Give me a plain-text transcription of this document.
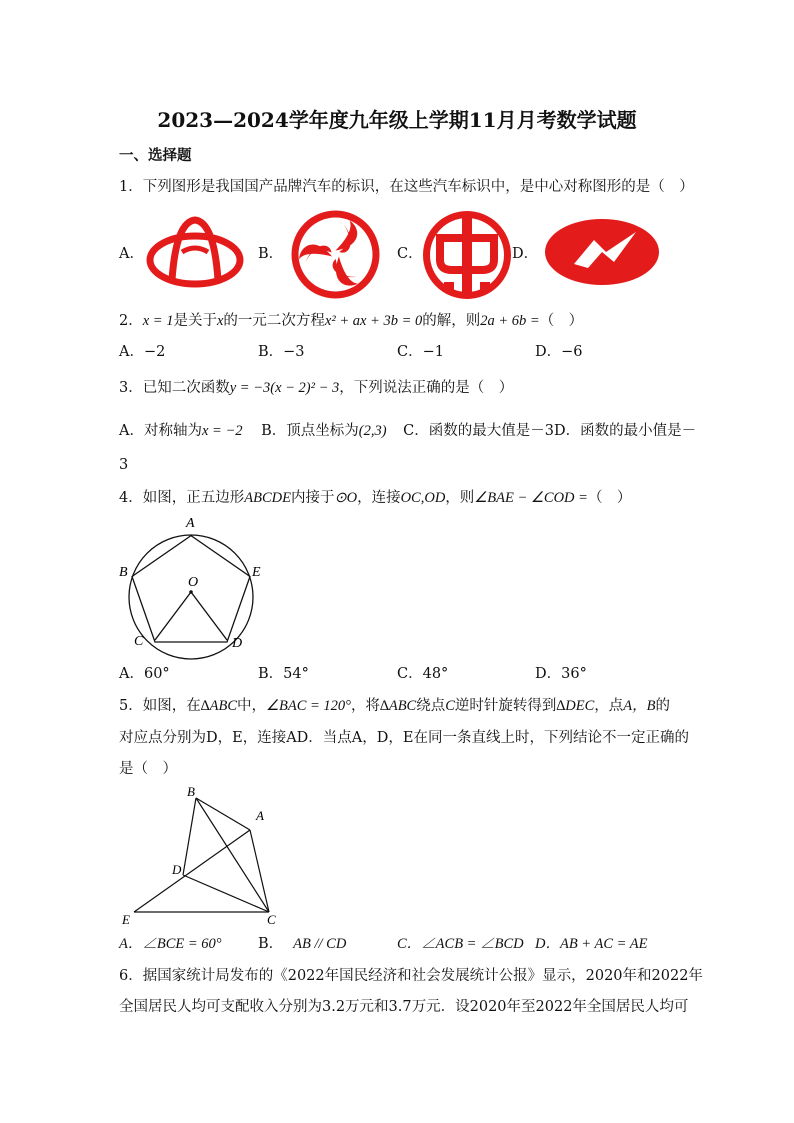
2023—2024学年度九年级上学期11月月考数学试题
一、选择题
1．下列图形是我国国产品牌汽车的标识，在这些汽车标识中，是中心对称图形的是（　）
A．	B．	C．	D．
2．x = 1是关于x的一元二次方程x² + ax + 3b = 0的解，则2a + 6b =（　）
A．−2	B．−3	C．−1	D．−6
3．已知二次函数y = −3(x − 2)² − 3，下列说法正确的是（　）
A．对称轴为x = −2 B．顶点坐标为(2,3) C．函数的最大值是－3D．函数的最小值是－
3
4．如图，正五边形ABCDE内接于⊙O，连接OC,OD，则∠BAE − ∠COD =（　）
A
B
O
E
C	D
A．60°	B．54°	C．48°	D．36°
5．如图，在∆ABC中，∠BAC = 120°，将∆ABC绕点C逆时针旋转得到∆DEC，点A，B的
对应点分别为D，E，连接AD．当点A，D，E在同一条直线上时，下列结论不一定正确的
是（　）
B
A
D
E	C
A．∠BCE = 60°	B． AB // CD	C．∠ACB = ∠BCD D．AB + AC = AE
6．据国家统计局发布的《2022年国民经济和社会发展统计公报》显示，2020年和2022年
全国居民人均可支配收入分别为3.2万元和3.7万元．设2020年至2022年全国居民人均可
